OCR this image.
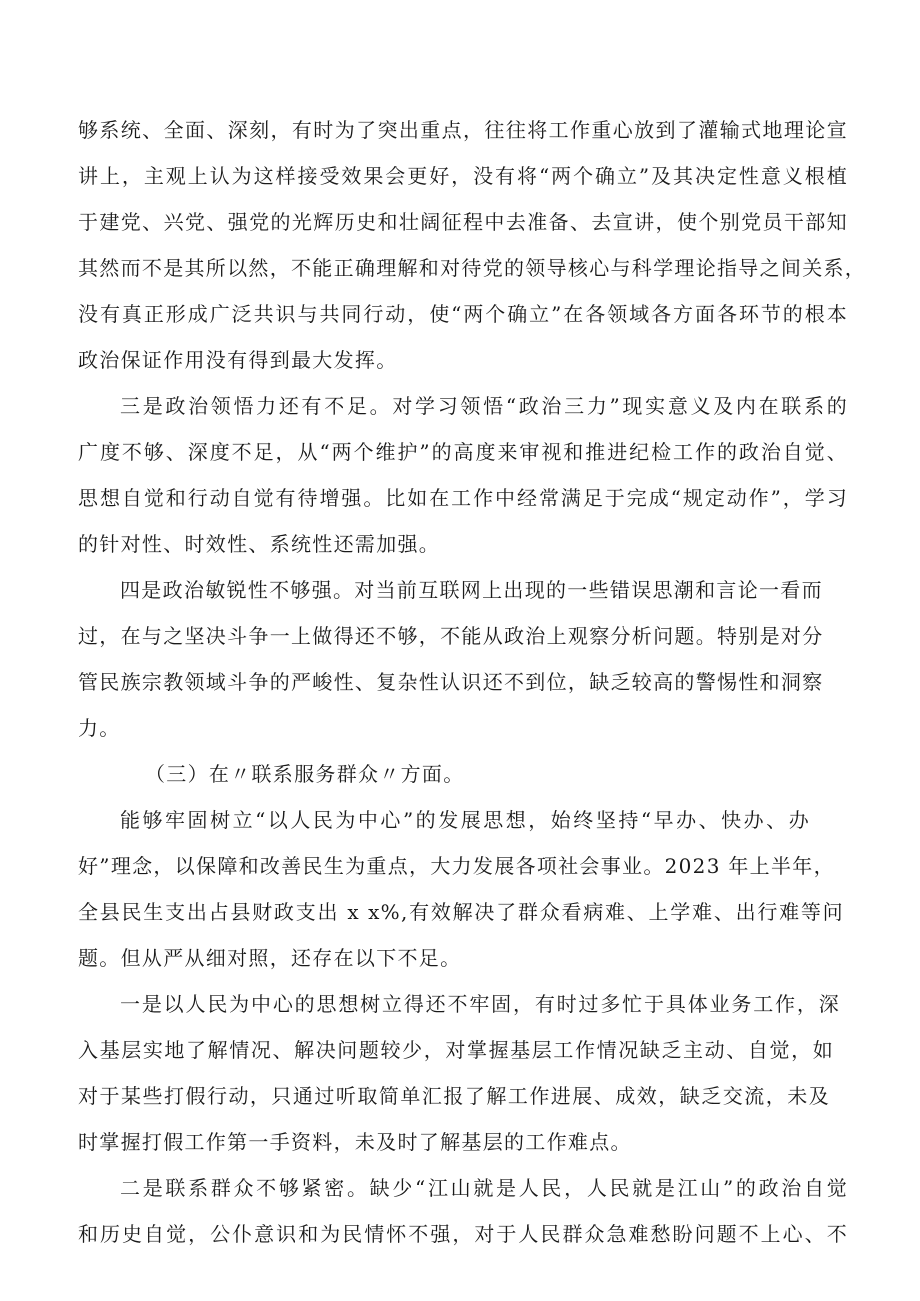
够系统、全面、深刻，有时为了突出重点，往往将工作重心放到了灌输式地理论宣
讲上，主观上认为这样接受效果会更好，没有将“两个确立”及其决定性意义根植
于建党、兴党、强党的光辉历史和壮阔征程中去准备、去宣讲，使个别党员干部知
其然而不是其所以然，不能正确理解和对待党的领导核心与科学理论指导之间关系，
没有真正形成广泛共识与共同行动，使“两个确立”在各领域各方面各环节的根本
政治保证作用没有得到最大发挥。
三是政治领悟力还有不足。对学习领悟“政治三力”现实意义及内在联系的
广度不够、深度不足，从“两个维护”的高度来审视和推进纪检工作的政治自觉、
思想自觉和行动自觉有待增强。比如在工作中经常满足于完成“规定动作”，学习
的针对性、时效性、系统性还需加强。
四是政治敏锐性不够强。对当前互联网上出现的一些错误思潮和言论一看而
过，在与之坚决斗争一上做得还不够，不能从政治上观察分析问题。特别是对分
管民族宗教领域斗争的严峻性、复杂性认识还不到位，缺乏较高的警惕性和洞察
力。
（三）在〃联系服务群众〃方面。
能够牢固树立“以人民为中心”的发展思想，始终坚持“早办、快办、办
好”理念，以保障和改善民生为重点，大力发展各项社会事业。2023 年上半年，
全县民生支出占县财政支出 x x%,有效解决了群众看病难、上学难、出行难等问
题。但从严从细对照，还存在以下不足。
一是以人民为中心的思想树立得还不牢固，有时过多忙于具体业务工作，深
入基层实地了解情况、解决问题较少，对掌握基层工作情况缺乏主动、自觉，如
对于某些打假行动，只通过听取简单汇报了解工作进展、成效，缺乏交流，未及
时掌握打假工作第一手资料，未及时了解基层的工作难点。
二是联系群众不够紧密。缺少“江山就是人民，人民就是江山”的政治自觉
和历史自觉，公仆意识和为民情怀不强，对于人民群众急难愁盼问题不上心、不
